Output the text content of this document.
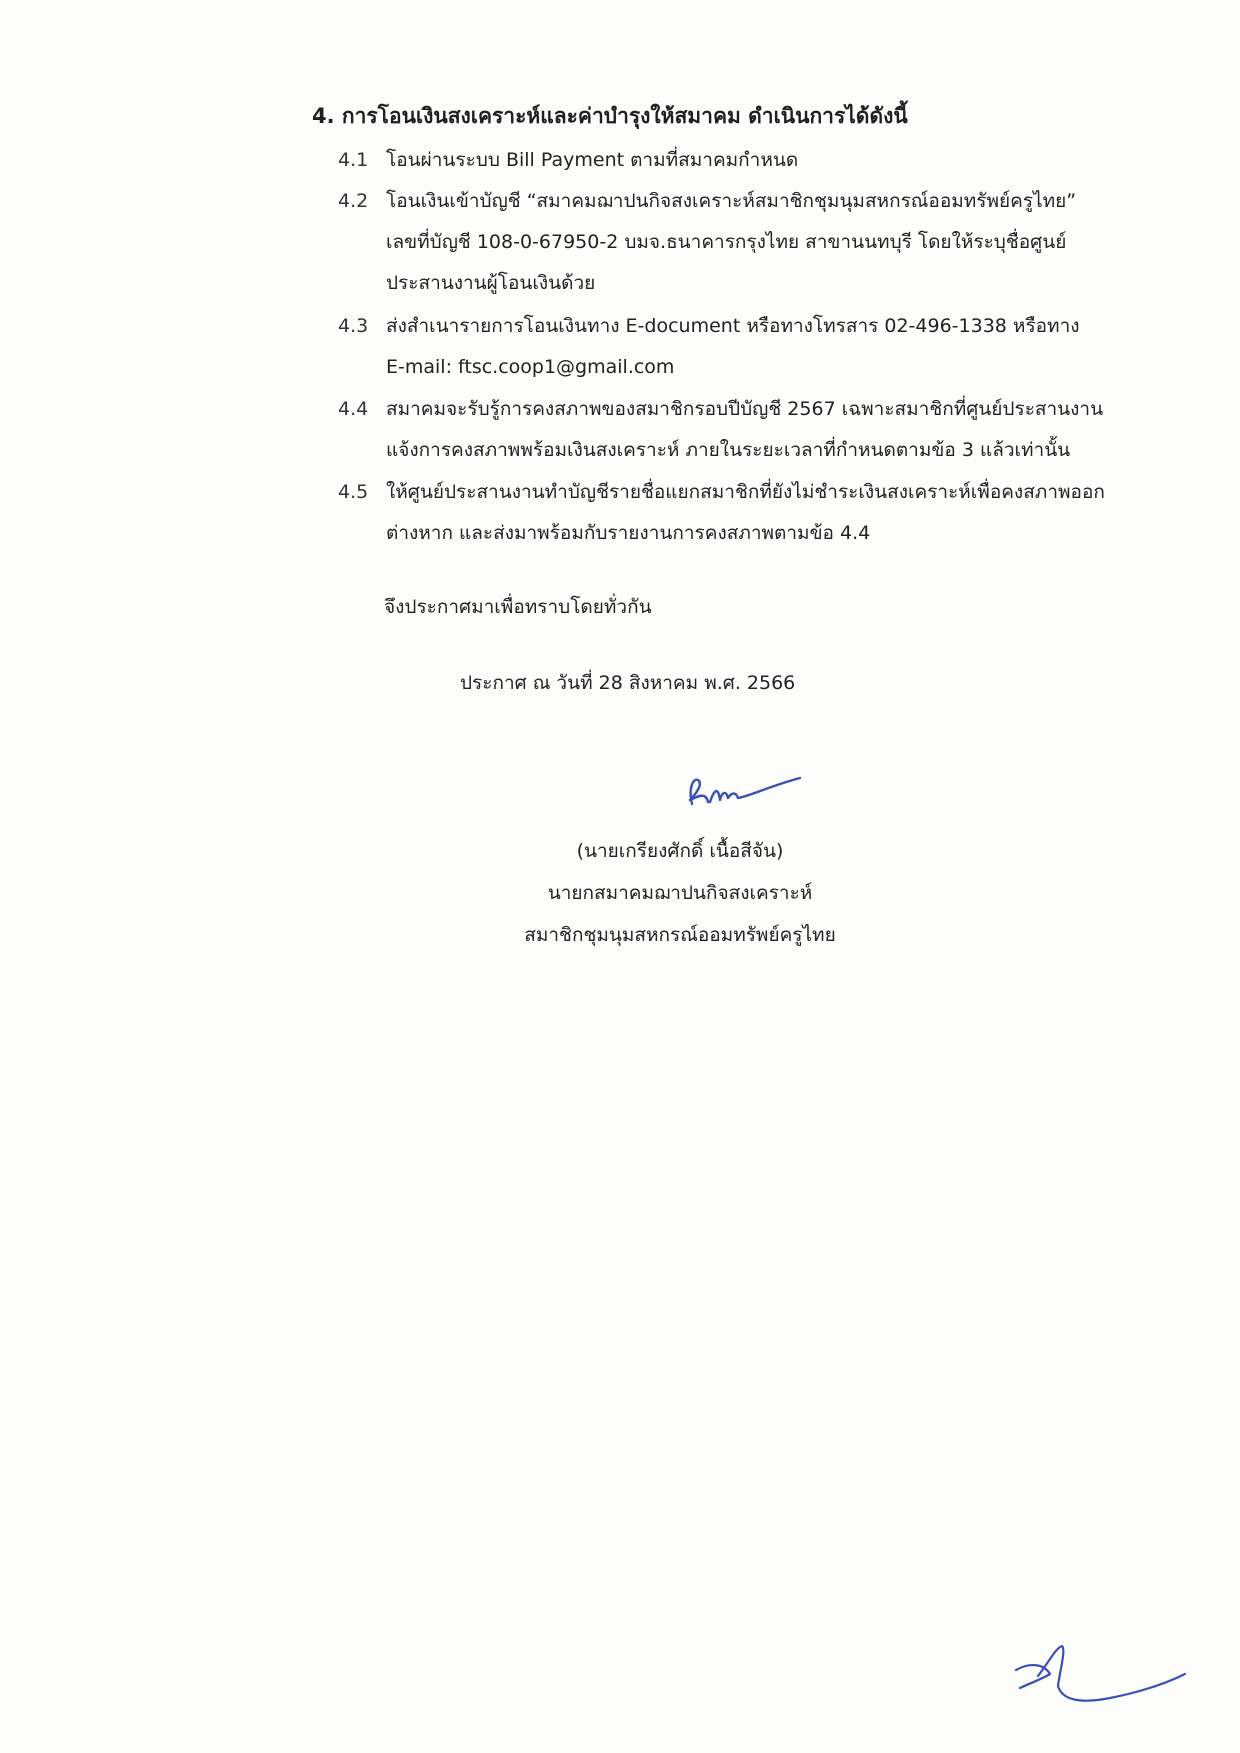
4. การโอนเงินสงเคราะห์และค่าบำรุงให้สมาคม ดำเนินการได้ดังนี้
4.1 โอนผ่านระบบ Bill Payment ตามที่สมาคมกำหนด
4.2 โอนเงินเข้าบัญชี “สมาคมฌาปนกิจสงเคราะห์สมาชิกชุมนุมสหกรณ์ออมทรัพย์ครูไทย”
เลขที่บัญชี 108-0-67950-2 บมจ.ธนาคารกรุงไทย สาขานนทบุรี โดยให้ระบุชื่อศูนย์
ประสานงานผู้โอนเงินด้วย
4.3 ส่งสำเนารายการโอนเงินทาง E-document หรือทางโทรสาร 02-496-1338 หรือทาง
E-mail: ftsc.coop1@gmail.com
4.4 สมาคมจะรับรู้การคงสภาพของสมาชิกรอบปีบัญชี 2567 เฉพาะสมาชิกที่ศูนย์ประสานงาน
แจ้งการคงสภาพพร้อมเงินสงเคราะห์ ภายในระยะเวลาที่กำหนดตามข้อ 3 แล้วเท่านั้น
4.5 ให้ศูนย์ประสานงานทำบัญชีรายชื่อแยกสมาชิกที่ยังไม่ชำระเงินสงเคราะห์เพื่อคงสภาพออก
ต่างหาก และส่งมาพร้อมกับรายงานการคงสภาพตามข้อ 4.4
จึงประกาศมาเพื่อทราบโดยทั่วกัน
ประกาศ ณ วันที่ 28 สิงหาคม พ.ศ. 2566
(นายเกรียงศักดิ์ เนื้อสีจัน)
นายกสมาคมฌาปนกิจสงเคราะห์
สมาชิกชุมนุมสหกรณ์ออมทรัพย์ครูไทย
